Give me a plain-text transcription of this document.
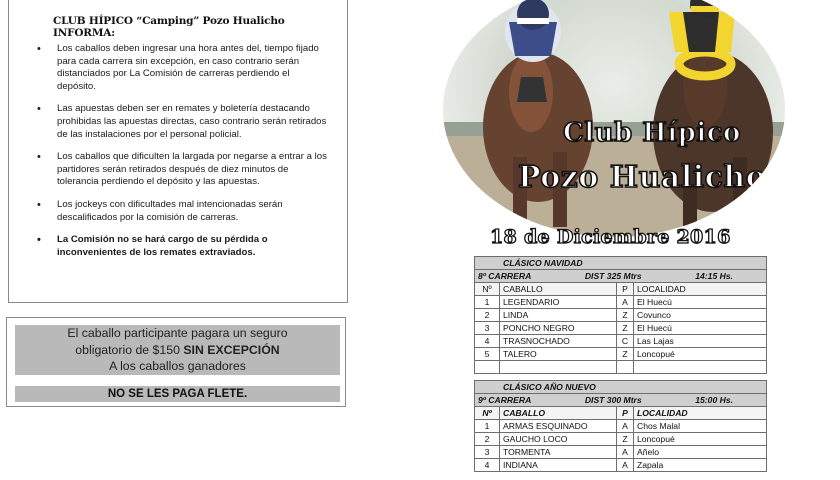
CLUB HÍPICO “Camping” Pozo Hualicho
INFORMA:
• Los caballos deben ingresar una hora antes del, tiempo fijado para cada carrera sin excepción, en caso contrario serán distanciados por La Comisión de carreras perdiendo el depósito.
• Las apuestas deben ser en remates y boletería destacando prohibidas las apuestas directas, caso contrario serán retirados de las instalaciones por el personal policial.
• Los caballos que dificulten la largada por negarse a entrar a los partidores serán retirados después de diez minutos de tolerancia perdiendo el depósito y las apuestas.
• Los jockeys con dificultades mal intencionadas serán descalificados por la comisión de carreras.
• La Comisión no se hará cargo de su pérdida o inconvenientes de los remates extraviados.
El caballo participante pagara un seguro
obligatorio de $150 SIN EXCEPCIÓN
A los caballos ganadores
NO SE LES PAGA FLETE.
Club Hípico
Pozo Hualicho
18 de Diciembre 2016
CLÁSICO NAVIDAD			

8º CARRERA DIST 325 Mtrs 14:15 Hs.			

Nº	CABALLO	P	LOCALIDAD
1	LEGENDARIO	A	El Huecú
2	LINDA	Z	Covunco
3	PONCHO NEGRO	Z	El Huecú
4	TRASNOCHADO	C	Las Lajas
5	TALERO	Z	Loncopué

CLÁSICO AÑO NUEVO			

9º CARRERA DIST 300 Mtrs 15:00 Hs.			

Nº	CABALLO	P	LOCALIDAD
1	ARMAS ESQUINADO	A	Chos Malal
2	GAUCHO LOCO	Z	Loncopué
3	TORMENTA	A	Añelo
4	INDIANA	A	Zapala
